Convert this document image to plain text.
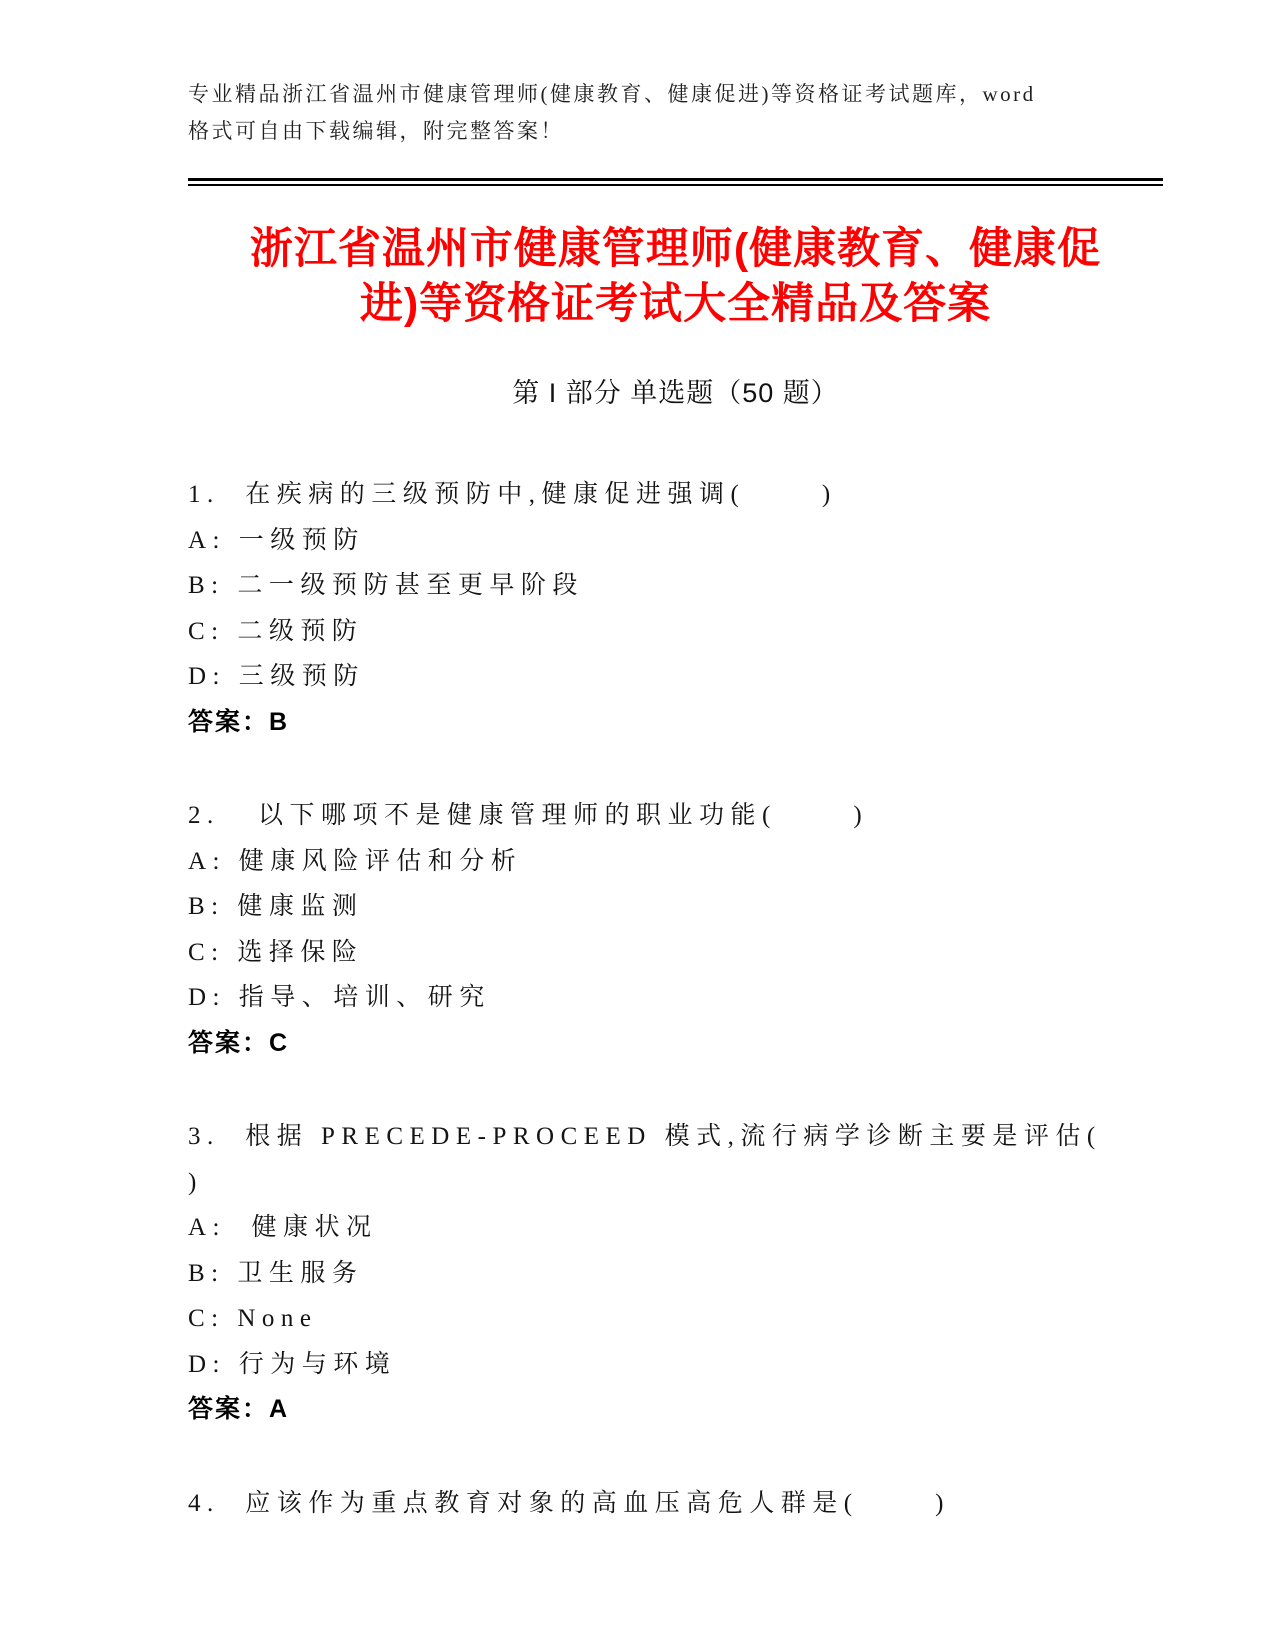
专业精品浙江省温州市健康管理师(健康教育、健康促进)等资格证考试题库，word
格式可自由下载编辑，附完整答案！
浙江省温州市健康管理师(健康教育、健康促
进)等资格证考试大全精品及答案
第 I 部分 单选题（50 题）
1.  在疾病的三级预防中,健康促进强调(      )
A: 一级预防
B: 二一级预防甚至更早阶段
C: 二级预防
D: 三级预防
答案：B
2.   以下哪项不是健康管理师的职业功能(      )
A: 健康风险评估和分析
B: 健康监测
C: 选择保险
D: 指导、培训、研究
答案：C
3.  根据 PRECEDE-PROCEED 模式,流行病学诊断主要是评估(       )
A:  健康状况
B: 卫生服务
C: None
D: 行为与环境
答案：A
4.  应该作为重点教育对象的高血压高危人群是(      )
